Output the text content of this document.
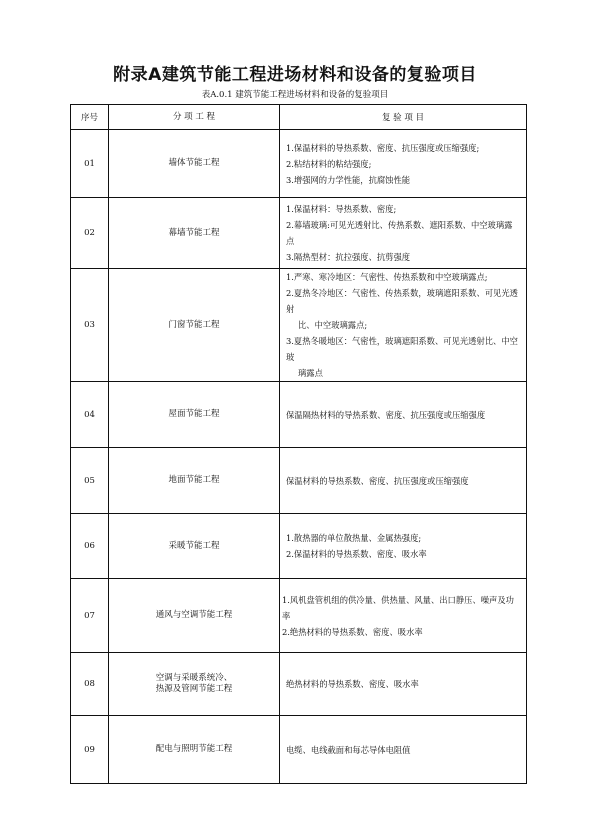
附录A建筑节能工程进场材料和设备的复验项目
表A.0.1 建筑节能工程进场材料和设备的复验项目
序号	分 项 工 程	复 验 项 目
01	墙体节能工程	1.保温材料的导热系数、密度、抗压强度或压缩强度;
2.粘结材料的粘结强度;
3.增强网的力学性能，抗腐蚀性能

02	幕墙节能工程	1.保温材料：导热系数、密度;
2.幕墙玻璃:可见光透射比、传热系数、遮阳系数、中空玻璃露点
3.隔热型材：抗拉强度、抗剪强度

03	门窗节能工程	1.严寒、寒冷地区：气密性、传热系数和中空玻璃露点;
2.夏热冬冷地区：气密性、传热系数，玻璃遮阳系数、可见光透射
比、中空玻璃露点;
3.夏热冬暖地区：气密性，玻璃遮阳系数、可见光透射比、中空玻
璃露点

04	屋面节能工程	保温隔热材料的导热系数、密度、抗压强度或压缩强度

05	地面节能工程	保温材料的导热系数、密度、抗压强度或压缩强度

06	采暖节能工程	1.散热器的单位散热量、金属热强度;
2.保温材料的导热系数、密度、吸水率

07	通风与空调节能工程	1.风机盘管机组的供冷量、供热量、风量、出口静压、噪声及功率
2.绝热材料的导热系数、密度、吸水率

08	空调与采暖系统冷、
热源及管网节能工程	绝热材料的导热系数、密度、吸水率

09	配电与照明节能工程	电缆、电线截面和每芯导体电阻值
